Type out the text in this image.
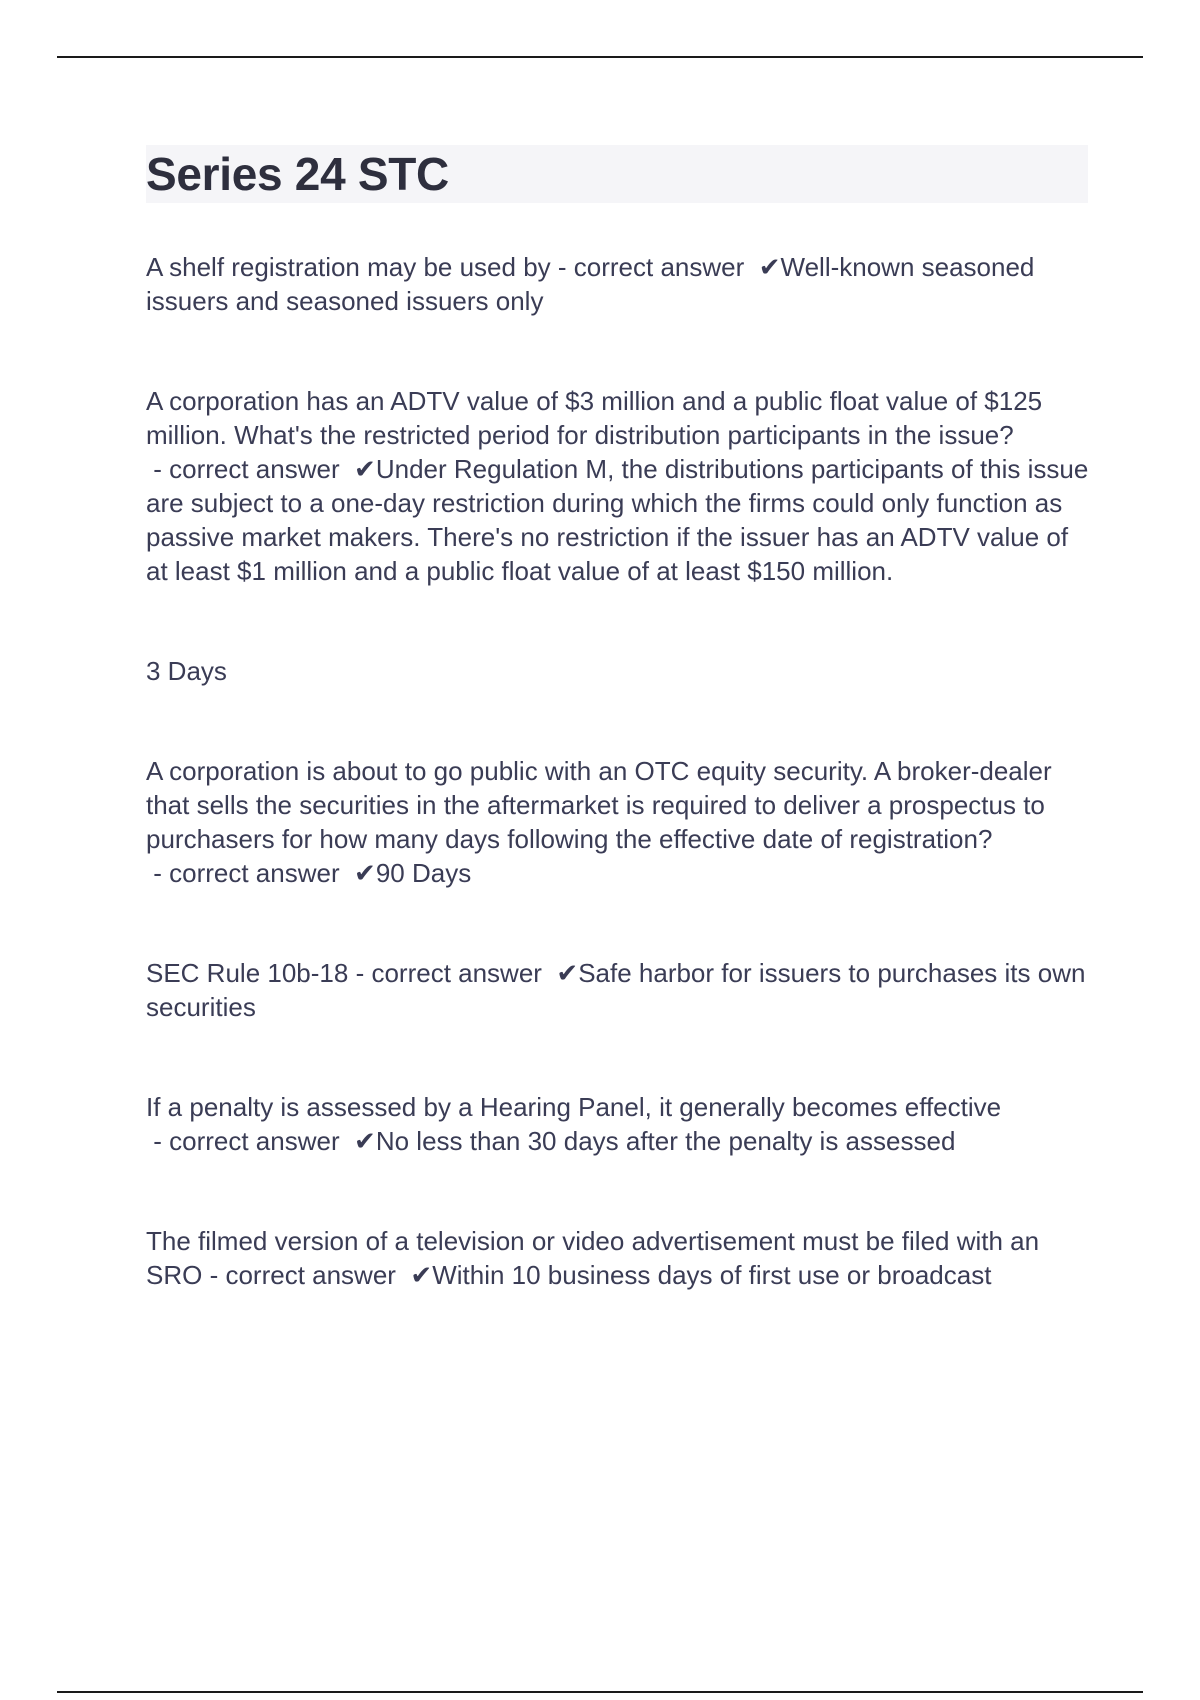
Series 24 STC

A shelf registration may be used by - correct answer  ✔Well-known seasoned issuers and seasoned issuers only

A corporation has an ADTV value of $3 million and a public float value of $125 million. What's the restricted period for distribution participants in the issue? - correct answer  ✔Under Regulation M, the distributions participants of this issue are subject to a one-day restriction during which the firms could only function as passive market makers. There's no restriction if the issuer has an ADTV value of at least $1 million and a public float value of at least $150 million.

3 Days

A corporation is about to go public with an OTC equity security. A broker-dealer that sells the securities in the aftermarket is required to deliver a prospectus to purchasers for how many days following the effective date of registration? - correct answer  ✔90 Days

SEC Rule 10b-18 - correct answer  ✔Safe harbor for issuers to purchases its own securities

If a penalty is assessed by a Hearing Panel, it generally becomes effective - correct answer  ✔No less than 30 days after the penalty is assessed

The filmed version of a television or video advertisement must be filed with an SRO - correct answer  ✔Within 10 business days of first use or broadcast
